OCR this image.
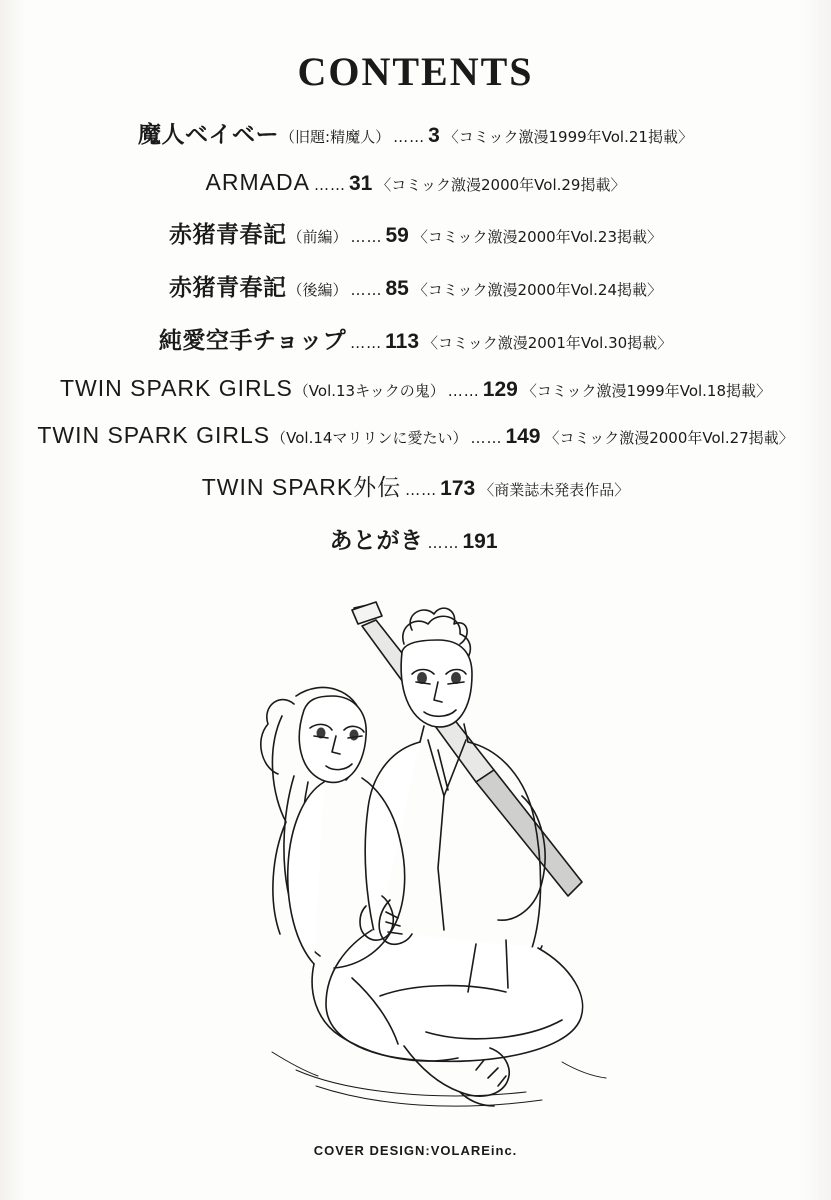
CONTENTS
魔人ベイベー （旧題:精魔人） …… 3 〈コミック激漫1999年Vol.21掲載〉
ARMADA …… 31 〈コミック激漫2000年Vol.29掲載〉
赤猪青春記 （前編） …… 59 〈コミック激漫2000年Vol.23掲載〉
赤猪青春記 （後編） …… 85 〈コミック激漫2000年Vol.24掲載〉
純愛空手チョップ …… 113 〈コミック激漫2001年Vol.30掲載〉
TWIN SPARK GIRLS （Vol.13キックの鬼） …… 129 〈コミック激漫1999年Vol.18掲載〉
TWIN SPARK GIRLS （Vol.14マリリンに愛たい） …… 149 〈コミック激漫2000年Vol.27掲載〉
TWIN SPARK外伝 …… 173 〈商業誌未発表作品〉
あとがき …… 191
COVER DESIGN:VOLAREinc.
